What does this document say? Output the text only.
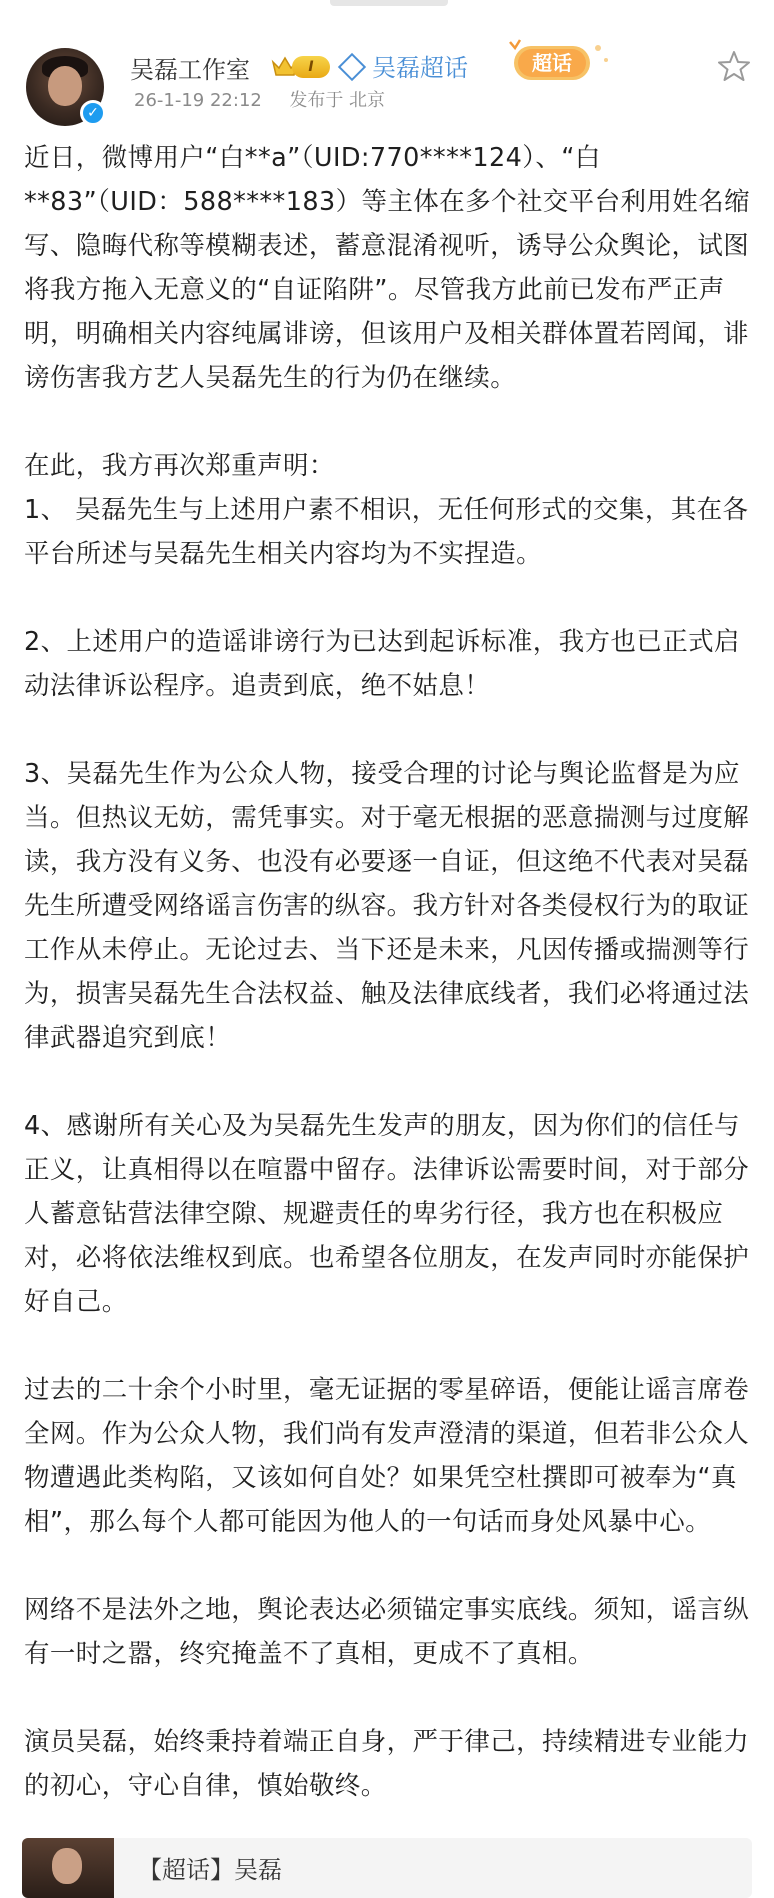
✓
吴磊工作室	I	吴磊超话
26-1-19 22:12 发布于 北京
超话

近日，微博用户“白**a”（UID:770****124）、“白**83”（UID：588****183）等主体在多个社交平台利用姓名缩写、隐晦代称等模糊表述，蓄意混淆视听，诱导公众舆论，试图将我方拖入无意义的“自证陷阱”。尽管我方此前已发布严正声明，明确相关内容纯属诽谤，但该用户及相关群体置若罔闻，诽谤伤害我方艺人吴磊先生的行为仍在继续。

在此，我方再次郑重声明：

1、 吴磊先生与上述用户素不相识，无任何形式的交集，其在各平台所述与吴磊先生相关内容均为不实捏造。

2、上述用户的造谣诽谤行为已达到起诉标准，我方也已正式启动法律诉讼程序。追责到底，绝不姑息！

3、吴磊先生作为公众人物，接受合理的讨论与舆论监督是为应当。但热议无妨，需凭事实。对于毫无根据的恶意揣测与过度解读，我方没有义务、也没有必要逐一自证，但这绝不代表对吴磊先生所遭受网络谣言伤害的纵容。我方针对各类侵权行为的取证工作从未停止。无论过去、当下还是未来，凡因传播或揣测等行为，损害吴磊先生合法权益、触及法律底线者，我们必将通过法律武器追究到底！

4、感谢所有关心及为吴磊先生发声的朋友，因为你们的信任与正义，让真相得以在喧嚣中留存。法律诉讼需要时间，对于部分人蓄意钻营法律空隙、规避责任的卑劣行径，我方也在积极应对，必将依法维权到底。也希望各位朋友，在发声同时亦能保护好自己。

过去的二十余个小时里，毫无证据的零星碎语，便能让谣言席卷全网。作为公众人物，我们尚有发声澄清的渠道，但若非公众人物遭遇此类构陷，又该如何自处？如果凭空杜撰即可被奉为“真相”，那么每个人都可能因为他人的一句话而身处风暴中心。

网络不是法外之地，舆论表达必须锚定事实底线。须知，谣言纵有一时之嚣，终究掩盖不了真相，更成不了真相。

演员吴磊，始终秉持着端正自身，严于律己，持续精进专业能力的初心，守心自律，慎始敬终。

【超话】吴磊
